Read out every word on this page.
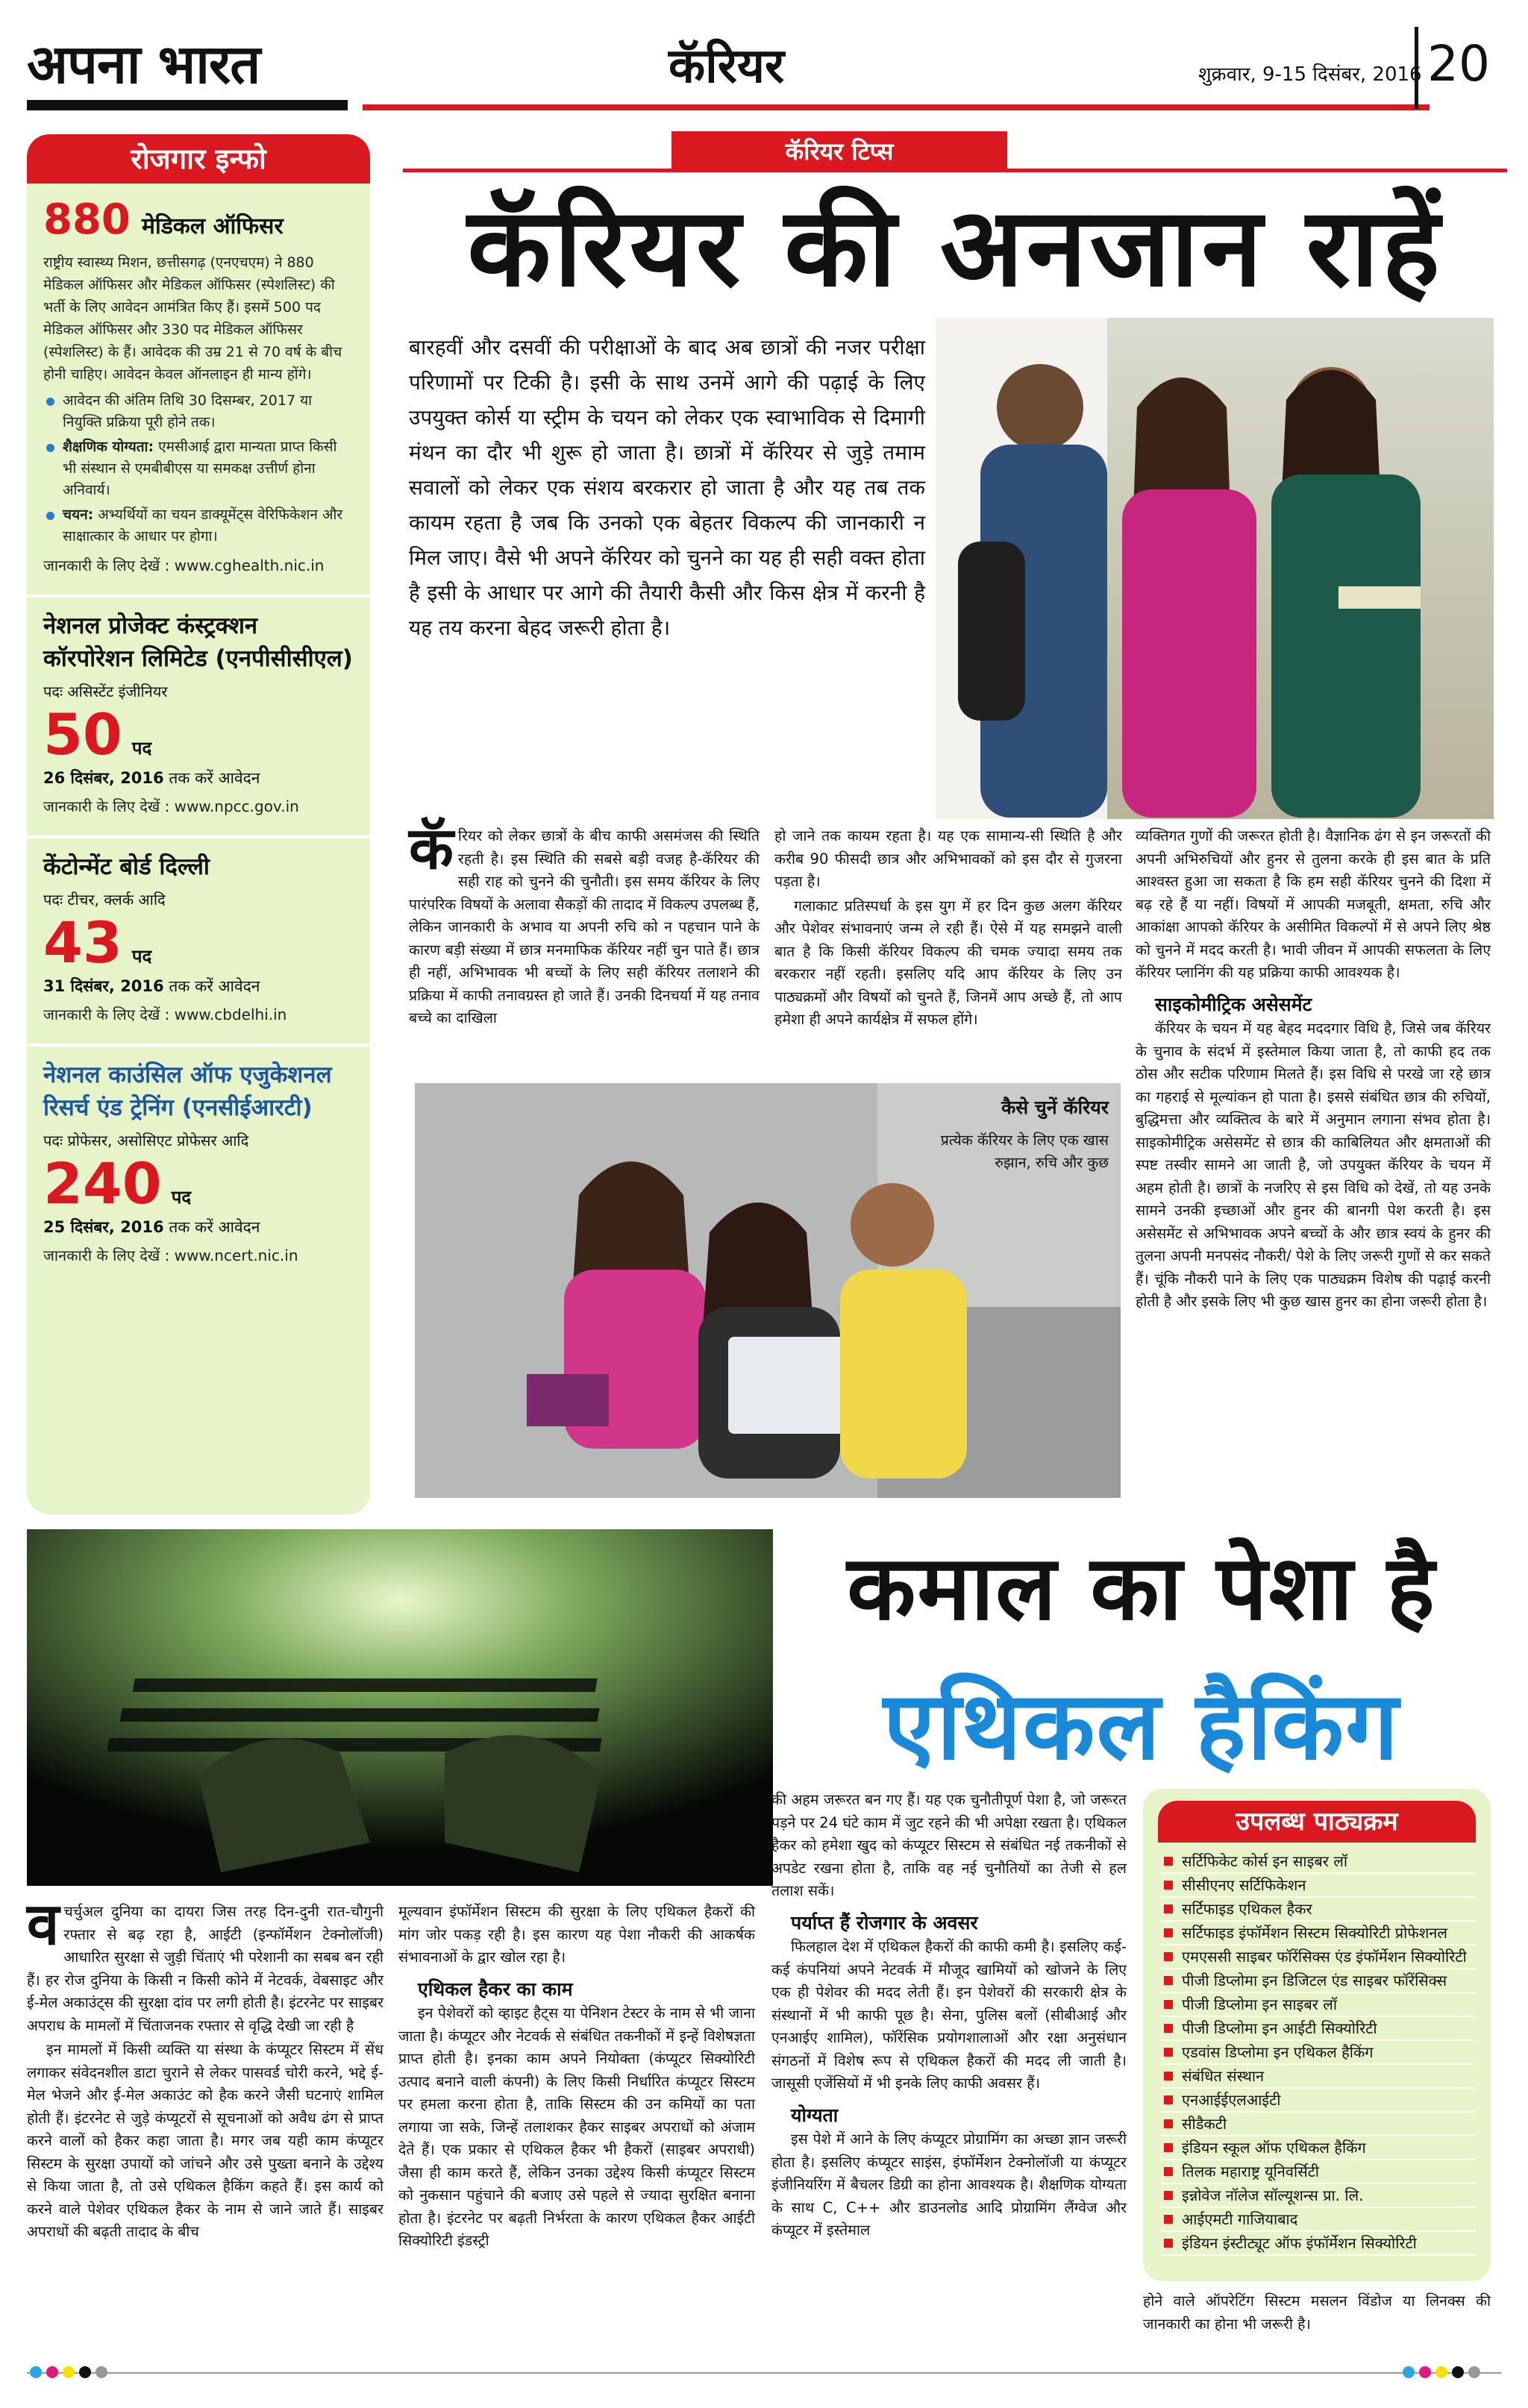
अपना भारत	कॅरियर	शुक्रवार, 9-15 दिसंबर, 2016 20
रोजगार इन्फो
880 मेडिकल ऑफिसर
राष्ट्रीय स्वास्थ्य मिशन, छत्तीसगढ़ (एनएचएम) ने 880 मेडिकल ऑफिसर और मेडिकल ऑफिसर (स्पेशलिस्ट) की भर्ती के लिए आवेदन आमंत्रित किए हैं। इसमें 500 पद मेडिकल ऑफिसर और 330 पद मेडिकल ऑफिसर (स्पेशलिस्ट) के हैं। आवेदक की उम्र 21 से 70 वर्ष के बीच होनी चाहिए। आवेदन केवल ऑनलाइन ही मान्य होंगे।
आवेदन की अंतिम तिथि 30 दिसम्बर, 2017 या नियुक्ति प्रक्रिया पूरी होने तक।
शैक्षणिक योग्यता: एमसीआई द्वारा मान्यता प्राप्त किसी भी संस्थान से एमबीबीएस या समकक्ष उत्तीर्ण होना अनिवार्य।
चयन: अभ्यर्थियों का चयन डाक्यूमेंट्स वेरिफिकेशन और साक्षात्कार के आधार पर होगा।
जानकारी के लिए देखें : www.cghealth.nic.in
नेशनल प्रोजेक्ट कंस्ट्रक्शन कॉरपोरेशन लिमिटेड (एनपीसीसीएल)
पदः असिस्टेंट इंजीनियर
50 पद
26 दिसंबर, 2016 तक करें आवेदन
जानकारी के लिए देखें : www.npcc.gov.in
केंटोन्मेंट बोर्ड दिल्ली
पदः टीचर, क्लर्क आदि
43 पद
31 दिसंबर, 2016 तक करें आवेदन
जानकारी के लिए देखें : www.cbdelhi.in
नेशनल काउंसिल ऑफ एजुकेशनल रिसर्च एंड ट्रेनिंग (एनसीईआरटी)
पदः प्रोफेसर, असोसिएट प्रोफेसर आदि
240 पद
25 दिसंबर, 2016 तक करें आवेदन
जानकारी के लिए देखें : www.ncert.nic.in
कॅरियर टिप्स
कॅरियर की अनजान राहें
बारहवीं और दसवीं की परीक्षाओं के बाद अब छात्रों की नजर परीक्षा परिणामों पर टिकी है। इसी के साथ उनमें आगे की पढ़ाई के लिए उपयुक्त कोर्स या स्ट्रीम के चयन को लेकर एक स्वाभाविक से दिमागी मंथन का दौर भी शुरू हो जाता है। छात्रों में कॅरियर से जुड़े तमाम सवालों को लेकर एक संशय बरकरार हो जाता है और यह तब तक कायम रहता है जब कि उनको एक बेहतर विकल्प की जानकारी न मिल जाए। वैसे भी अपने कॅरियर को चुनने का यह ही सही वक्त होता है इसी के आधार पर आगे की तैयारी कैसी और किस क्षेत्र में करनी है यह तय करना बेहद जरूरी होता है।

कॅरियर को लेकर छात्रों के बीच काफी असमंजस की स्थिति रहती है। इस स्थिति की सबसे बड़ी वजह है-कॅरियर की सही राह को चुनने की चुनौती। इस समय कॅरियर के लिए पारंपरिक विषयों के अलावा सैकड़ों की तादाद में विकल्प उपलब्ध हैं, लेकिन जानकारी के अभाव या अपनी रुचि को न पहचान पाने के कारण बड़ी संख्या में छात्र मनमाफिक कॅरियर नहीं चुन पाते हैं। छात्र ही नहीं, अभिभावक भी बच्चों के लिए सही कॅरियर तलाशने की प्रक्रिया में काफी तनावग्रस्त हो जाते हैं। उनकी दिनचर्या में यह तनाव बच्चे का दाखिला

हो जाने तक कायम रहता है। यह एक सामान्य-सी स्थिति है और करीब 90 फीसदी छात्र और अभिभावकों को इस दौर से गुजरना पड़ता है।

गलाकाट प्रतिस्पर्धा के इस युग में हर दिन कुछ अलग कॅरियर और पेशेवर संभावनाएं जन्म ले रही हैं। ऐसे में यह समझने वाली बात है कि किसी कॅरियर विकल्प की चमक ज्यादा समय तक बरकरार नहीं रहती। इसलिए यदि आप कॅरियर के लिए उन पाठ्यक्रमों और विषयों को चुनते हैं, जिनमें आप अच्छे हैं, तो आप हमेशा ही अपने कार्यक्षेत्र में सफल होंगे।

कैसे चुनें कॅरियर
प्रत्येक कॅरियर के लिए एक खास रुझान, रुचि और कुछ

व्यक्तिगत गुणों की जरूरत होती है। वैज्ञानिक ढंग से इन जरूरतों की अपनी अभिरुचियों और हुनर से तुलना करके ही इस बात के प्रति आश्वस्त हुआ जा सकता है कि हम सही कॅरियर चुनने की दिशा में बढ़ रहे हैं या नहीं। विषयों में आपकी मजबूती, क्षमता, रुचि और आकांक्षा आपको कॅरियर के असीमित विकल्पों में से अपने लिए श्रेष्ठ को चुनने में मदद करती है। भावी जीवन में आपकी सफलता के लिए कॅरियर प्लानिंग की यह प्रक्रिया काफी आवश्यक है।

साइकोमीट्रिक असेसमेंट

कॅरियर के चयन में यह बेहद मददगार विधि है, जिसे जब कॅरियर के चुनाव के संदर्भ में इस्तेमाल किया जाता है, तो काफी हद तक ठोस और सटीक परिणाम मिलते हैं। इस विधि से परखे जा रहे छात्र का गहराई से मूल्यांकन हो पाता है। इससे संबंधित छात्र की रुचियों, बुद्धिमत्ता और व्यक्तित्व के बारे में अनुमान लगाना संभव होता है। साइकोमीट्रिक असेसमेंट से छात्र की काबिलियत और क्षमताओं की स्पष्ट तस्वीर सामने आ जाती है, जो उपयुक्त कॅरियर के चयन में अहम होती है। छात्रों के नजरिए से इस विधि को देखें, तो यह उनके सामने उनकी इच्छाओं और हुनर की बानगी पेश करती है। इस असेसमेंट से अभिभावक अपने बच्चों के और छात्र स्वयं के हुनर की तुलना अपनी मनपसंद नौकरी/ पेशे के लिए जरूरी गुणों से कर सकते हैं। चूंकि नौकरी पाने के लिए एक पाठ्यक्रम विशेष की पढ़ाई करनी होती है और इसके लिए भी कुछ खास हुनर का होना जरूरी होता है।

कमाल का पेशा है
एथिकल हैकिंग

वचर्चुअल दुनिया का दायरा जिस तरह दिन-दुनी रात-चौगुनी रफ्तार से बढ़ रहा है, आईटी (इन्फॉर्मेशन टेक्नोलॉजी) आधारित सुरक्षा से जुड़ी चिंताएं भी परेशानी का सबब बन रही हैं। हर रोज दुनिया के किसी न किसी कोने में नेटवर्क, वेबसाइट और ई-मेल अकाउंट्स की सुरक्षा दांव पर लगी होती है। इंटरनेट पर साइबर अपराध के मामलों में चिंताजनक रफ्तार से वृद्धि देखी जा रही है

इन मामलों में किसी व्यक्ति या संस्था के कंप्यूटर सिस्टम में सेंध लगाकर संवेदनशील डाटा चुराने से लेकर पासवर्ड चोरी करने, भद्दे ई-मेल भेजने और ई-मेल अकाउंट को हैक करने जैसी घटनाएं शामिल होती हैं। इंटरनेट से जुड़े कंप्यूटरों से सूचनाओं को अवैध ढंग से प्राप्त करने वालों को हैकर कहा जाता है। मगर जब यही काम कंप्यूटर सिस्टम के सुरक्षा उपायों को जांचने और उसे पुख्ता बनाने के उद्देश्य से किया जाता है, तो उसे एथिकल हैकिंग कहते हैं। इस कार्य को करने वाले पेशेवर एथिकल हैकर के नाम से जाने जाते हैं। साइबर अपराधों की बढ़ती तादाद के बीच

मूल्यवान इंफॉर्मेशन सिस्टम की सुरक्षा के लिए एथिकल हैकरों की मांग जोर पकड़ रही है। इस कारण यह पेशा नौकरी की आकर्षक संभावनाओं के द्वार खोल रहा है।

एथिकल हैकर का काम

इन पेशेवरों को व्हाइट हैट्स या पेनिशन टेस्टर के नाम से भी जाना जाता है। कंप्यूटर और नेटवर्क से संबंधित तकनीकों में इन्हें विशेषज्ञता प्राप्त होती है। इनका काम अपने नियोक्ता (कंप्यूटर सिक्योरिटी उत्पाद बनाने वाली कंपनी) के लिए किसी निर्धारित कंप्यूटर सिस्टम पर हमला करना होता है, ताकि सिस्टम की उन कमियों का पता लगाया जा सके, जिन्हें तलाशकर हैकर साइबर अपराधों को अंजाम देते हैं। एक प्रकार से एथिकल हैकर भी हैकरों (साइबर अपराधी) जैसा ही काम करते हैं, लेकिन उनका उद्देश्य किसी कंप्यूटर सिस्टम को नुकसान पहुंचाने की बजाए उसे पहले से ज्यादा सुरक्षित बनाना होता है। इंटरनेट पर बढ़ती निर्भरता के कारण एथिकल हैकर आईटी सिक्योरिटी इंडस्ट्री

की अहम जरूरत बन गए हैं। यह एक चुनौतीपूर्ण पेशा है, जो जरूरत पड़ने पर 24 घंटे काम में जुट रहने की भी अपेक्षा रखता है। एथिकल हैकर को हमेशा खुद को कंप्यूटर सिस्टम से संबंधित नई तकनीकों से अपडेट रखना होता है, ताकि वह नई चुनौतियों का तेजी से हल तलाश सकें।

पर्याप्त हैं रोजगार के अवसर

फिलहाल देश में एथिकल हैकरों की काफी कमी है। इसलिए कई-कई कंपनियां अपने नेटवर्क में मौजूद खामियों को खोजने के लिए एक ही पेशेवर की मदद लेती हैं। इन पेशेवरों की सरकारी क्षेत्र के संस्थानों में भी काफी पूछ है। सेना, पुलिस बलों (सीबीआई और एनआईए शामिल), फॉरेंसिक प्रयोगशालाओं और रक्षा अनुसंधान संगठनों में विशेष रूप से एथिकल हैकरों की मदद ली जाती है। जासूसी एजेंसियों में भी इनके लिए काफी अवसर हैं।

योग्यता

इस पेशे में आने के लिए कंप्यूटर प्रोग्रामिंग का अच्छा ज्ञान जरूरी होता है। इसलिए कंप्यूटर साइंस, इंफॉर्मेशन टेक्नोलॉजी या कंप्यूटर इंजीनियरिंग में बैचलर डिग्री का होना आवश्यक है। शैक्षणिक योग्यता के साथ C, C++ और डाउनलोड आदि प्रोग्रामिंग लैंग्वेज और कंप्यूटर में इस्तेमाल

उपलब्ध पाठ्यक्रम
सर्टिफिकेट कोर्स इन साइबर लॉ
सीसीएनए सर्टिफिकेशन
सर्टिफाइड एथिकल हैकर
सर्टिफाइड इंफॉर्मेशन सिस्टम सिक्योरिटी प्रोफेशनल
एमएससी साइबर फॉरेंसिक्स एंड इंफॉर्मेशन सिक्योरिटी
पीजी डिप्लोमा इन डिजिटल एंड साइबर फॉरेंसिक्स
पीजी डिप्लोमा इन साइबर लॉ
पीजी डिप्लोमा इन आईटी सिक्योरिटी
एडवांस डिप्लोमा इन एथिकल हैकिंग
संबंधित संस्थान
एनआईईएलआईटी
सीडैकटी
इंडियन स्कूल ऑफ एथिकल हैकिंग
तिलक महाराष्ट्र यूनिवर्सिटी
इन्नोवेज नॉलेज सॉल्यूशन्स प्रा. लि.
आईएमटी गाजियाबाद
इंडियन इंस्टीट्यूट ऑफ इंफॉर्मेशन सिक्योरिटी

होने वाले ऑपरेटिंग सिस्टम मसलन विंडोज या लिनक्स की जानकारी का होना भी जरूरी है।
